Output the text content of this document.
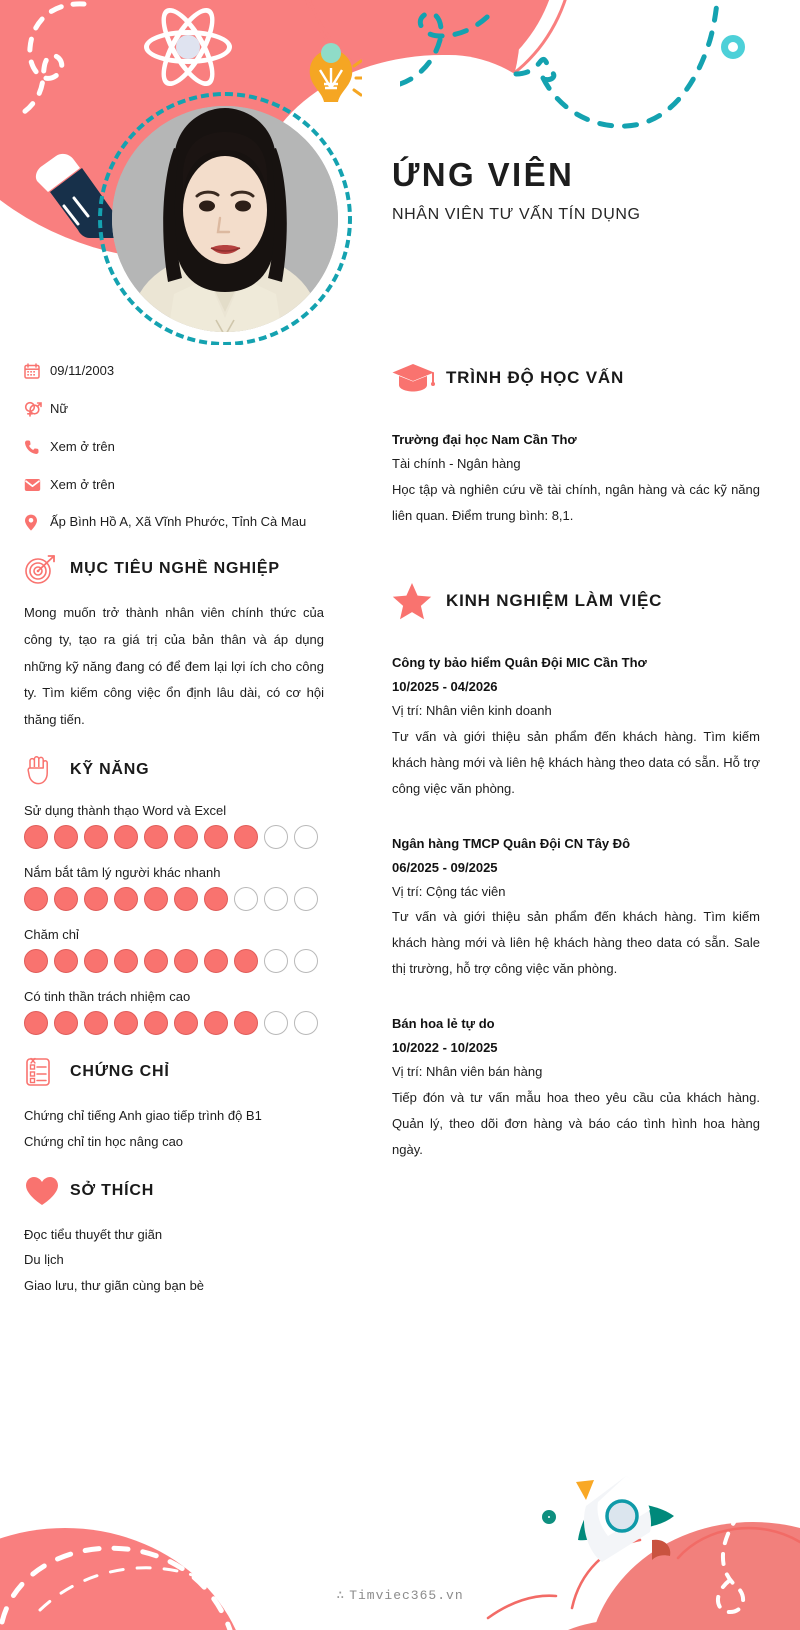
ỨNG VIÊN
NHÂN VIÊN TƯ VẤN TÍN DỤNG
09/11/2003
Nữ
Xem ở trên
Xem ở trên
Ấp Bình Hồ A, Xã Vĩnh Phước, Tỉnh Cà Mau
MỤC TIÊU NGHỀ NGHIỆP
Mong muốn trở thành nhân viên chính thức của công ty, tạo ra giá trị của bản thân và áp dụng những kỹ năng đang có để đem lại lợi ích cho công ty. Tìm kiếm công việc ổn định lâu dài, có cơ hội thăng tiến.
KỸ NĂNG
Sử dụng thành thạo Word và Excel
Nắm bắt tâm lý người khác nhanh
Chăm chỉ
Có tinh thần trách nhiệm cao
CHỨNG CHỈ
Chứng chỉ tiếng Anh giao tiếp trình độ B1
Chứng chỉ tin học nâng cao
SỞ THÍCH
Đọc tiểu thuyết thư giãn
Du lịch
Giao lưu, thư giãn cùng bạn bè
TRÌNH ĐỘ HỌC VẤN
Trường đại học Nam Cần Thơ
Tài chính - Ngân hàng
Học tập và nghiên cứu về tài chính, ngân hàng và các kỹ năng liên quan. Điểm trung bình: 8,1.
KINH NGHIỆM LÀM VIỆC
Công ty bảo hiểm Quân Đội MIC Cần Thơ
10/2025 - 04/2026
Vị trí: Nhân viên kinh doanh
Tư vấn và giới thiệu sản phẩm đến khách hàng. Tìm kiếm khách hàng mới và liên hệ khách hàng theo data có sẵn. Hỗ trợ công việc văn phòng.
Ngân hàng TMCP Quân Đội CN Tây Đô
06/2025 - 09/2025
Vị trí: Cộng tác viên
Tư vấn và giới thiệu sản phẩm đến khách hàng. Tìm kiếm khách hàng mới và liên hệ khách hàng theo data có sẵn. Sale thị trường, hỗ trợ công việc văn phòng.
Bán hoa lẻ tự do
10/2022 - 10/2025
Vị trí: Nhân viên bán hàng
Tiếp đón và tư vấn mẫu hoa theo yêu cầu của khách hàng. Quản lý, theo dõi đơn hàng và báo cáo tình hình hoa hàng ngày.
∴ Timviec365.vn
